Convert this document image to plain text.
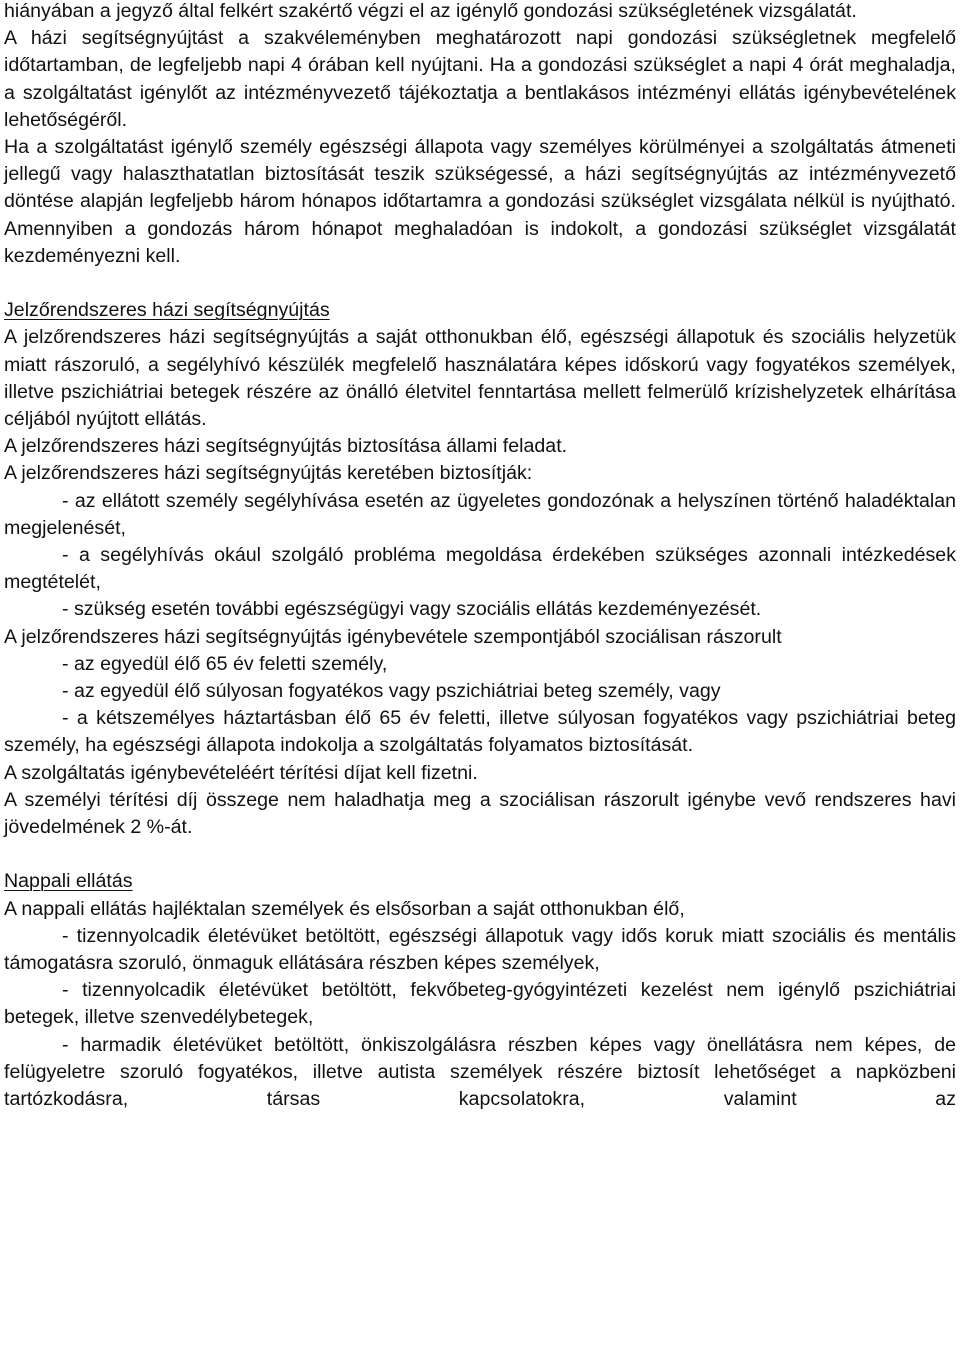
hiányában a jegyző által felkért szakértő végzi el az igénylő gondozási szükségletének vizsgálatát.

A házi segítségnyújtást a szakvéleményben meghatározott napi gondozási szükségletnek megfelelő időtartamban, de legfeljebb napi 4 órában kell nyújtani. Ha a gondozási szükséglet a napi 4 órát meghaladja, a szolgáltatást igénylőt az intézményvezető tájékoztatja a bentlakásos intézményi ellátás igénybevételének lehetőségéről.

Ha a szolgáltatást igénylő személy egészségi állapota vagy személyes körülményei a szolgáltatás átmeneti jellegű vagy halaszthatatlan biztosítását teszik szükségessé, a házi segítségnyújtás az intézményvezető döntése alapján legfeljebb három hónapos időtartamra a gondozási szükséglet vizsgálata nélkül is nyújtható. Amennyiben a gondozás három hónapot meghaladóan is indokolt, a gondozási szükséglet vizsgálatát kezdeményezni kell.

Jelzőrendszeres házi segítségnyújtás

A jelzőrendszeres házi segítségnyújtás a saját otthonukban élő, egészségi állapotuk és szociális helyzetük miatt rászoruló, a segélyhívó készülék megfelelő használatára képes időskorú vagy fogyatékos személyek, illetve pszichiátriai betegek részére az önálló életvitel fenntartása mellett felmerülő krízishelyzetek elhárítása céljából nyújtott ellátás.

A jelzőrendszeres házi segítségnyújtás biztosítása állami feladat.

A jelzőrendszeres házi segítségnyújtás keretében biztosítják:

- az ellátott személy segélyhívása esetén az ügyeletes gondozónak a helyszínen történő haladéktalan megjelenését,

- a segélyhívás okául szolgáló probléma megoldása érdekében szükséges azonnali intézkedések megtételét,

- szükség esetén további egészségügyi vagy szociális ellátás kezdeményezését.

A jelzőrendszeres házi segítségnyújtás igénybevétele szempontjából szociálisan rászorult

- az egyedül élő 65 év feletti személy,

- az egyedül élő súlyosan fogyatékos vagy pszichiátriai beteg személy, vagy

- a kétszemélyes háztartásban élő 65 év feletti, illetve súlyosan fogyatékos vagy pszichiátriai beteg személy, ha egészségi állapota indokolja a szolgáltatás folyamatos biztosítását.

A szolgáltatás igénybevételéért térítési díjat kell fizetni.

A személyi térítési díj összege nem haladhatja meg a szociálisan rászorult igénybe vevő rendszeres havi jövedelmének 2 %-át.

Nappali ellátás

A nappali ellátás hajléktalan személyek és elsősorban a saját otthonukban élő,

- tizennyolcadik életévüket betöltött, egészségi állapotuk vagy idős koruk miatt szociális és mentális támogatásra szoruló, önmaguk ellátására részben képes személyek,

- tizennyolcadik életévüket betöltött, fekvőbeteg-gyógyintézeti kezelést nem igénylő pszichiátriai betegek, illetve szenvedélybetegek,

- harmadik életévüket betöltött, önkiszolgálásra részben képes vagy önellátásra nem képes, de felügyeletre szoruló fogyatékos, illetve autista személyek részére biztosít lehetőséget a napközbeni tartózkodásra, társas kapcsolatokra, valamint az
